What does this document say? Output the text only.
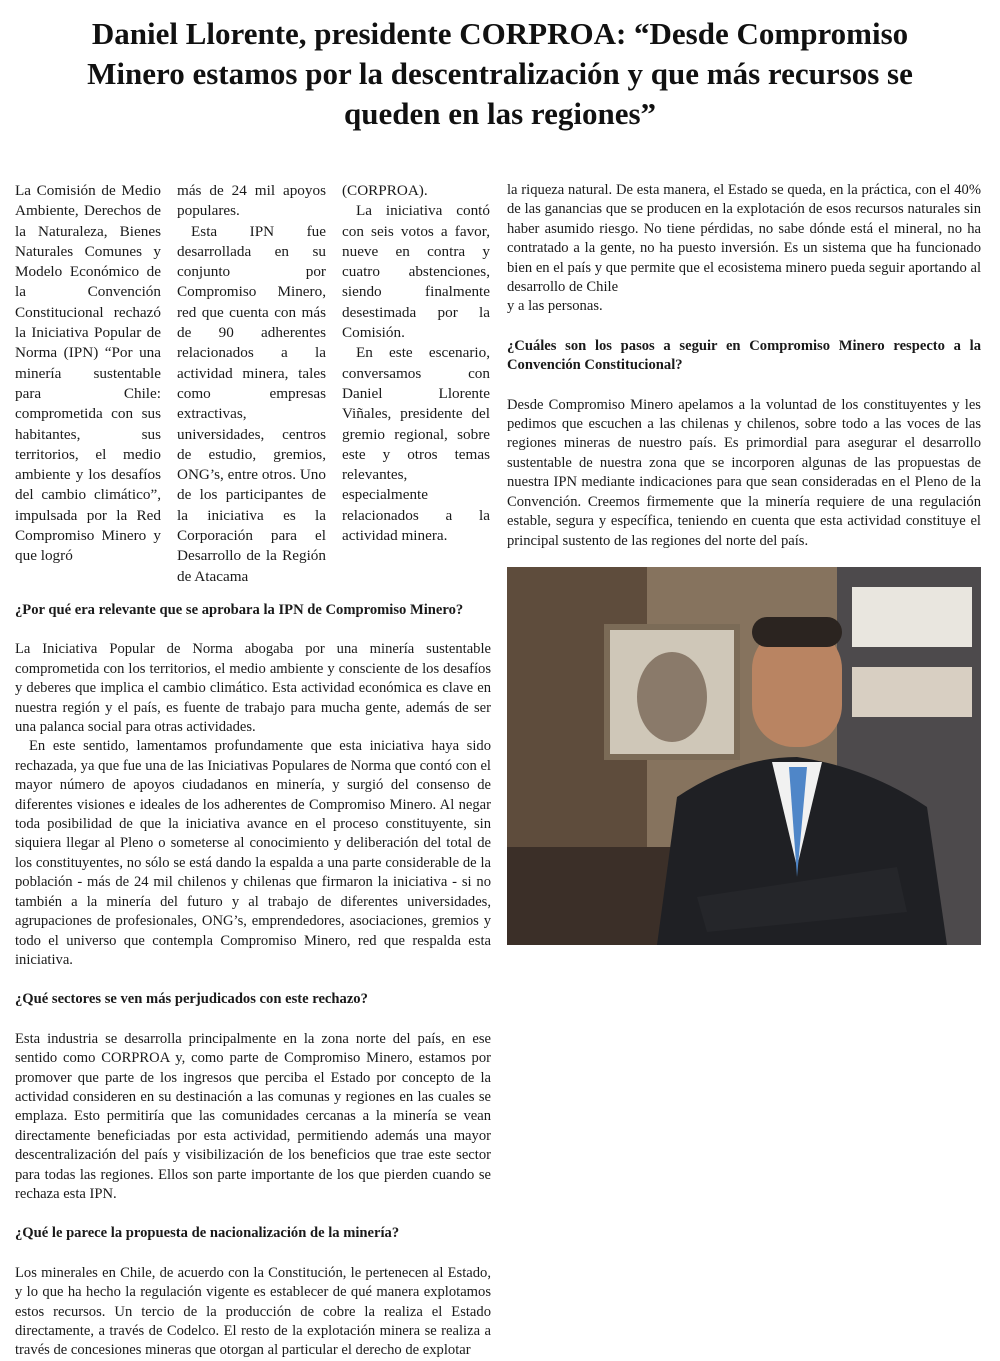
Daniel Llorente, presidente CORPROA: “Desde Compromiso Minero estamos por la descentralización y que más recursos se queden en las regiones”

La Comisión de Medio Ambiente, Derechos de la Naturaleza, Bienes Naturales Comunes y Modelo Económico de la Convención Constitucional rechazó la Iniciativa Popular de Norma (IPN) “Por una minería sustentable para Chile: comprometida con sus habitantes, sus territorios, el medio ambiente y los desafíos del cambio climático”, impulsada por la Red Compromiso Minero y que logró

más de 24 mil apoyos populares.

Esta IPN fue desarrollada en su conjunto por Compromiso Minero, red que cuenta con más de 90 adherentes relacionados a la actividad minera, tales como empresas extractivas, universidades, centros de estudio, gremios, ONG’s, entre otros. Uno de los participantes de la iniciativa es la Corporación para el Desarrollo de la Región de Atacama

(CORPROA).

La iniciativa contó con seis votos a favor, nueve en contra y cuatro abstenciones, siendo finalmente desestimada por la Comisión.

En este escenario, conversamos con Daniel Llorente Viñales, presidente del gremio regional, sobre este y otros temas relevantes, especialmente relacionados a la actividad minera.

la riqueza natural. De esta manera, el Estado se queda, en la práctica, con el 40% de las ganancias que se producen en la explotación de esos recursos naturales sin haber asumido riesgo. No tiene pérdidas, no sabe dónde está el mineral, no ha contratado a la gente, no ha puesto inversión. Es un sistema que ha funcionado bien en el país y que permite que el ecosistema minero pueda seguir aportando al desarrollo de Chile

y a las personas.

¿Cuáles son los pasos a seguir en Compromiso Minero respecto a la Convención Constitucional?

Desde Compromiso Minero apelamos a la voluntad de los constituyentes y les pedimos que escuchen a las chilenas y chilenos, sobre todo a las voces de las regiones mineras de nuestro país. Es primordial para asegurar el desarrollo sustentable de nuestra zona que se incorporen algunas de las propuestas de nuestra IPN mediante indicaciones para que sean consideradas en el Pleno de la Convención. Creemos firmemente que la minería requiere de una regulación estable, segura y específica, teniendo en cuenta que esta actividad constituye el principal sustento de las regiones del norte del país.

¿Por qué era relevante que se aprobara la IPN de Compromiso Minero?

La Iniciativa Popular de Norma abogaba por una minería sustentable comprometida con los territorios, el medio ambiente y consciente de los desafíos y deberes que implica el cambio climático. Esta actividad económica es clave en nuestra región y el país, es fuente de trabajo para mucha gente, además de ser una palanca social para otras actividades.

En este sentido, lamentamos profundamente que esta iniciativa haya sido rechazada, ya que fue una de las Iniciativas Populares de Norma que contó con el mayor número de apoyos ciudadanos en minería, y surgió del consenso de diferentes visiones e ideales de los adherentes de Compromiso Minero. Al negar toda posibilidad de que la iniciativa avance en el proceso constituyente, sin siquiera llegar al Pleno o someterse al conocimiento y deliberación del total de los constituyentes, no sólo se está dando la espalda a una parte considerable de la población - más de 24 mil chilenos y chilenas que firmaron la iniciativa - si no también a la minería del futuro y al trabajo de diferentes universidades, agrupaciones de profesionales, ONG’s, emprendedores, asociaciones, gremios y todo el universo que contempla Compromiso Minero, red que respalda esta iniciativa.

¿Qué sectores se ven más perjudicados con este rechazo?

Esta industria se desarrolla principalmente en la zona norte del país, en ese sentido como CORPROA y, como parte de Compromiso Minero, estamos por promover que parte de los ingresos que perciba el Estado por concepto de la actividad consideren en su destinación a las comunas y regiones en las cuales se emplaza. Esto permitiría que las comunidades cercanas a la minería se vean directamente beneficiadas por esta actividad, permitiendo además una mayor descentralización del país y visibilización de los beneficios que trae este sector para todas las regiones. Ellos son parte importante de los que pierden cuando se rechaza esta IPN.

¿Qué le parece la propuesta de nacionalización de la minería?

Los minerales en Chile, de acuerdo con la Constitución, le pertenecen al Estado, y lo que ha hecho la regulación vigente es establecer de qué manera explotamos estos recursos. Un tercio de la producción de cobre la realiza el Estado directamente, a través de Codelco. El resto de la explotación minera se realiza a través de concesiones mineras que otorgan al particular el derecho de explotar
